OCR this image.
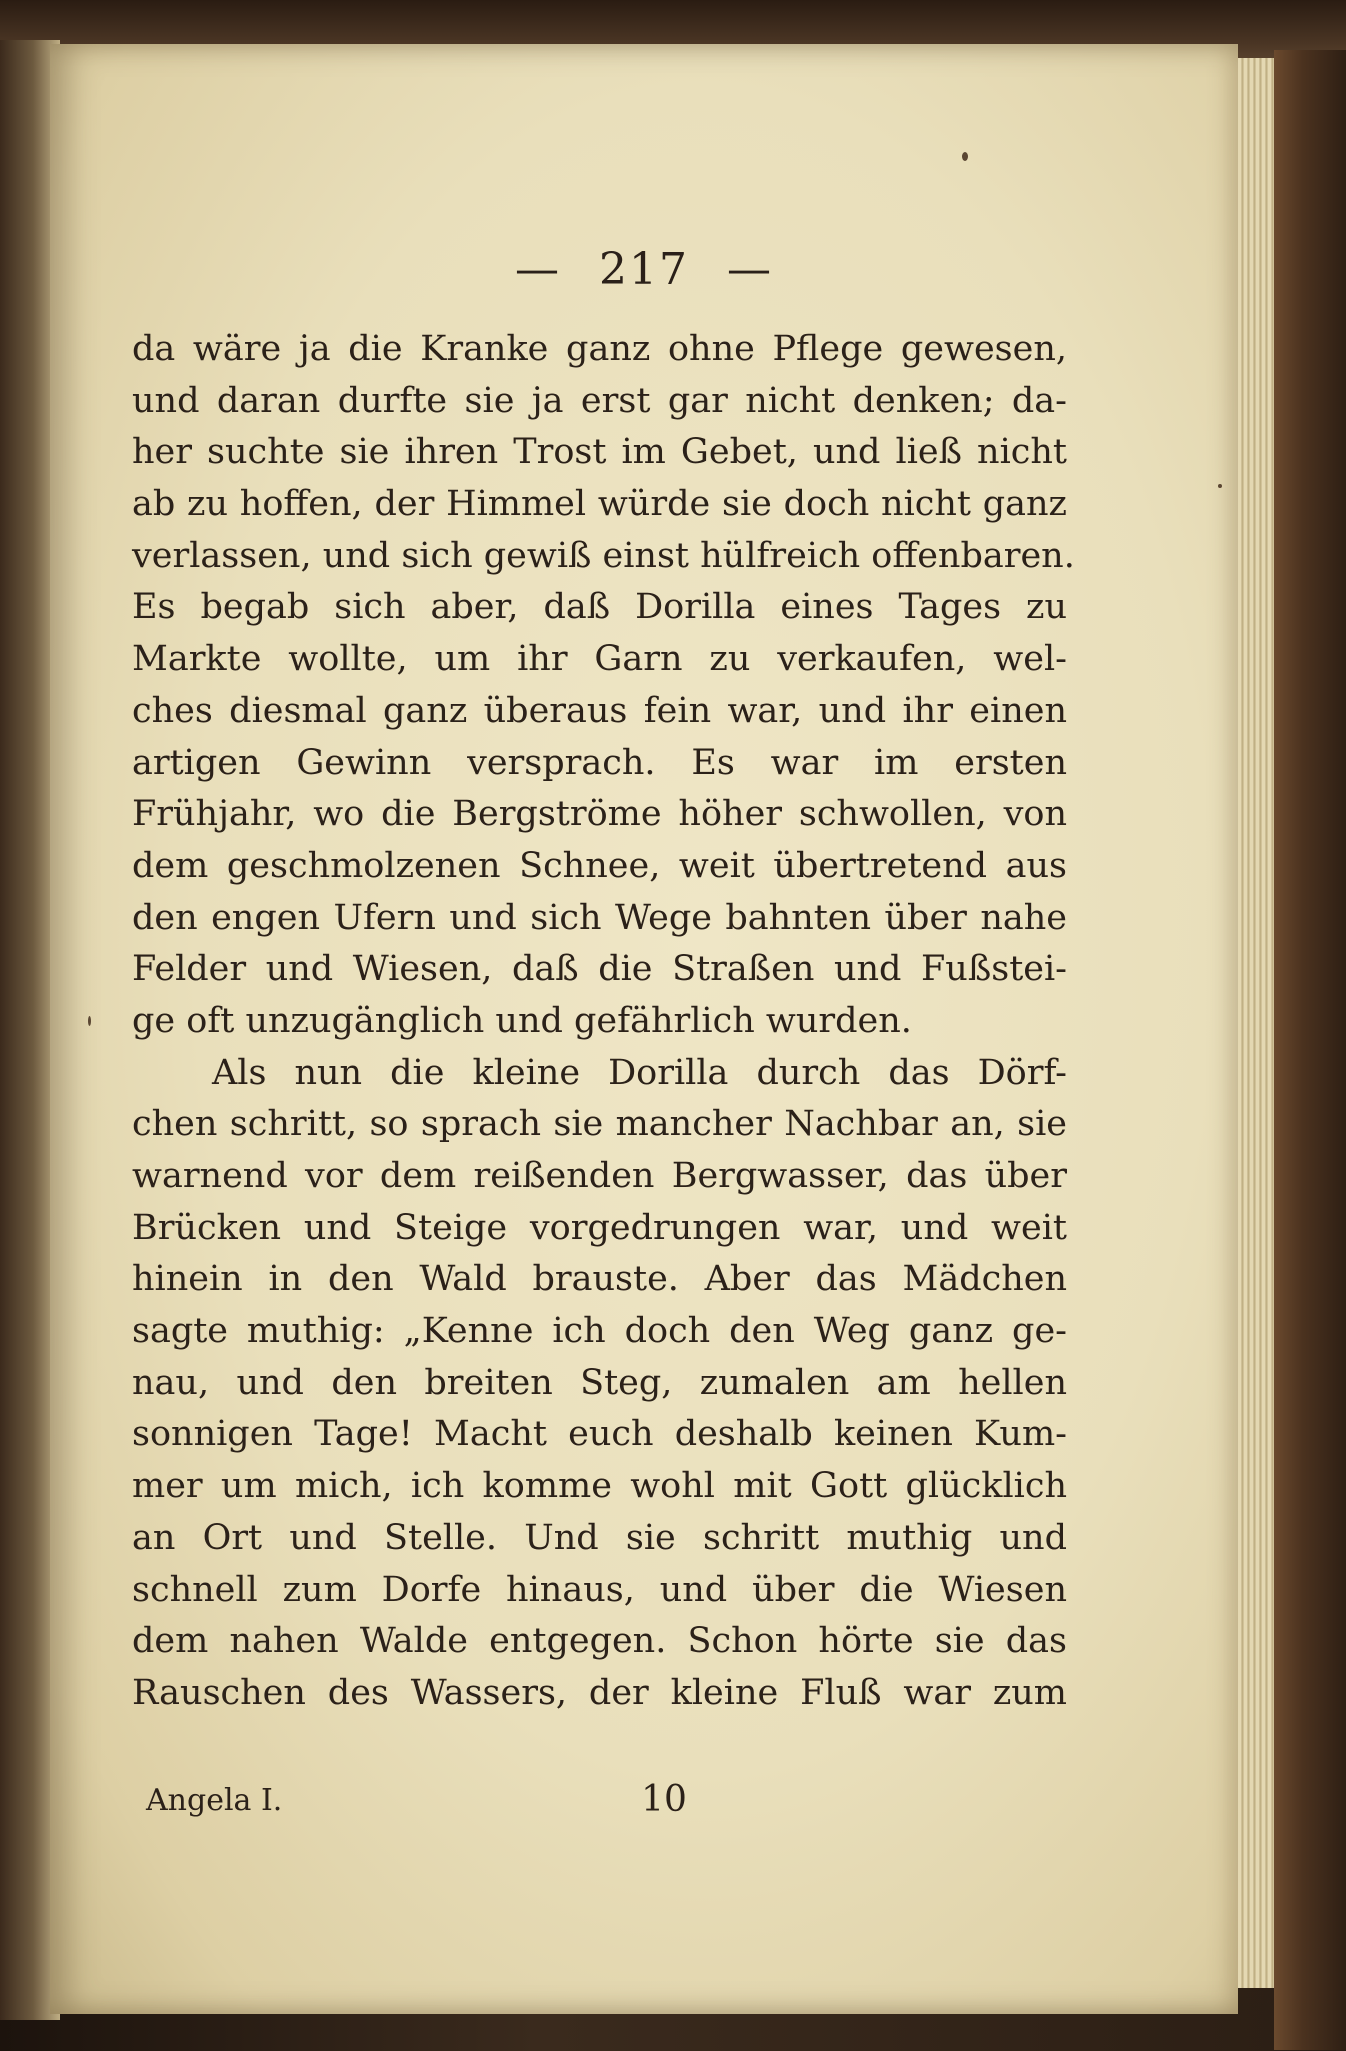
— 217 —
da wäre ja die Kranke ganz ohne Pflege gewesen,
und daran durfte sie ja erst gar nicht denken; da-
her suchte sie ihren Trost im Gebet, und ließ nicht
ab zu hoffen, der Himmel würde sie doch nicht ganz
verlassen, und sich gewiß einst hülfreich offenbaren.
Es begab sich aber, daß Dorilla eines Tages zu
Markte wollte, um ihr Garn zu verkaufen, wel-
ches diesmal ganz überaus fein war, und ihr einen
artigen Gewinn versprach. Es war im ersten
Frühjahr, wo die Bergströme höher schwollen, von
dem geschmolzenen Schnee, weit übertretend aus
den engen Ufern und sich Wege bahnten über nahe
Felder und Wiesen, daß die Straßen und Fußstei-
ge oft unzugänglich und gefährlich wurden.
Als nun die kleine Dorilla durch das Dörf-
chen schritt, so sprach sie mancher Nachbar an, sie
warnend vor dem reißenden Bergwasser, das über
Brücken und Steige vorgedrungen war, und weit
hinein in den Wald brauste. Aber das Mädchen
sagte muthig: „Kenne ich doch den Weg ganz ge-
nau, und den breiten Steg, zumalen am hellen
sonnigen Tage! Macht euch deshalb keinen Kum-
mer um mich, ich komme wohl mit Gott glücklich
an Ort und Stelle. Und sie schritt muthig und
schnell zum Dorfe hinaus, und über die Wiesen
dem nahen Walde entgegen. Schon hörte sie das
Rauschen des Wassers, der kleine Fluß war zum
Angela I.	10
